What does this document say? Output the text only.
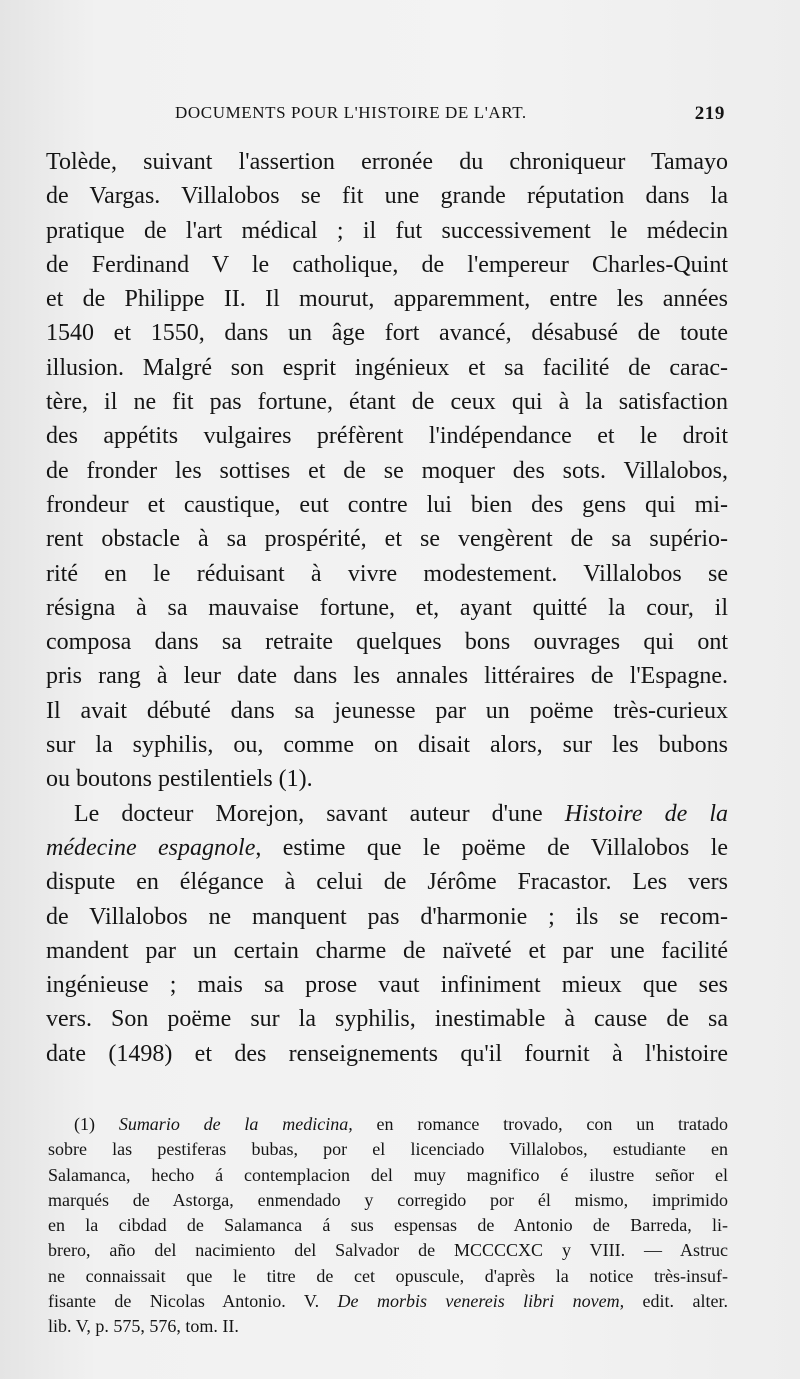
DOCUMENTS POUR L'HISTOIRE DE L'ART.	219
Tolède, suivant l'assertion erronée du chroniqueur Tamayo
de Vargas. Villalobos se fit une grande réputation dans la
pratique de l'art médical ; il fut successivement le médecin
de Ferdinand V le catholique, de l'empereur Charles-Quint
et de Philippe II. Il mourut, apparemment, entre les années
1540 et 1550, dans un âge fort avancé, désabusé de toute
illusion. Malgré son esprit ingénieux et sa facilité de carac-
tère, il ne fit pas fortune, étant de ceux qui à la satisfaction
des appétits vulgaires préfèrent l'indépendance et le droit
de fronder les sottises et de se moquer des sots. Villalobos,
frondeur et caustique, eut contre lui bien des gens qui mi-
rent obstacle à sa prospérité, et se vengèrent de sa supério-
rité en le réduisant à vivre modestement. Villalobos se
résigna à sa mauvaise fortune, et, ayant quitté la cour, il
composa dans sa retraite quelques bons ouvrages qui ont
pris rang à leur date dans les annales littéraires de l'Espagne.
Il avait débuté dans sa jeunesse par un poëme très-curieux
sur la syphilis, ou, comme on disait alors, sur les bubons
ou boutons pestilentiels (1).
Le docteur Morejon, savant auteur d'une Histoire de la
médecine espagnole, estime que le poëme de Villalobos le
dispute en élégance à celui de Jérôme Fracastor. Les vers
de Villalobos ne manquent pas d'harmonie ; ils se recom-
mandent par un certain charme de naïveté et par une facilité
ingénieuse ; mais sa prose vaut infiniment mieux que ses
vers. Son poëme sur la syphilis, inestimable à cause de sa
date (1498) et des renseignements qu'il fournit à l'histoire
(1) Sumario de la medicina, en romance trovado, con un tratado
sobre las pestiferas bubas, por el licenciado Villalobos, estudiante en
Salamanca, hecho á contemplacion del muy magnifico é ilustre señor el
marqués de Astorga, enmendado y corregido por él mismo, imprimido
en la cibdad de Salamanca á sus espensas de Antonio de Barreda, li-
brero, año del nacimiento del Salvador de MCCCCXC y VIII. — Astruc
ne connaissait que le titre de cet opuscule, d'après la notice très-insuf-
fisante de Nicolas Antonio. V. De morbis venereis libri novem, edit. alter.
lib. V, p. 575, 576, tom. II.
